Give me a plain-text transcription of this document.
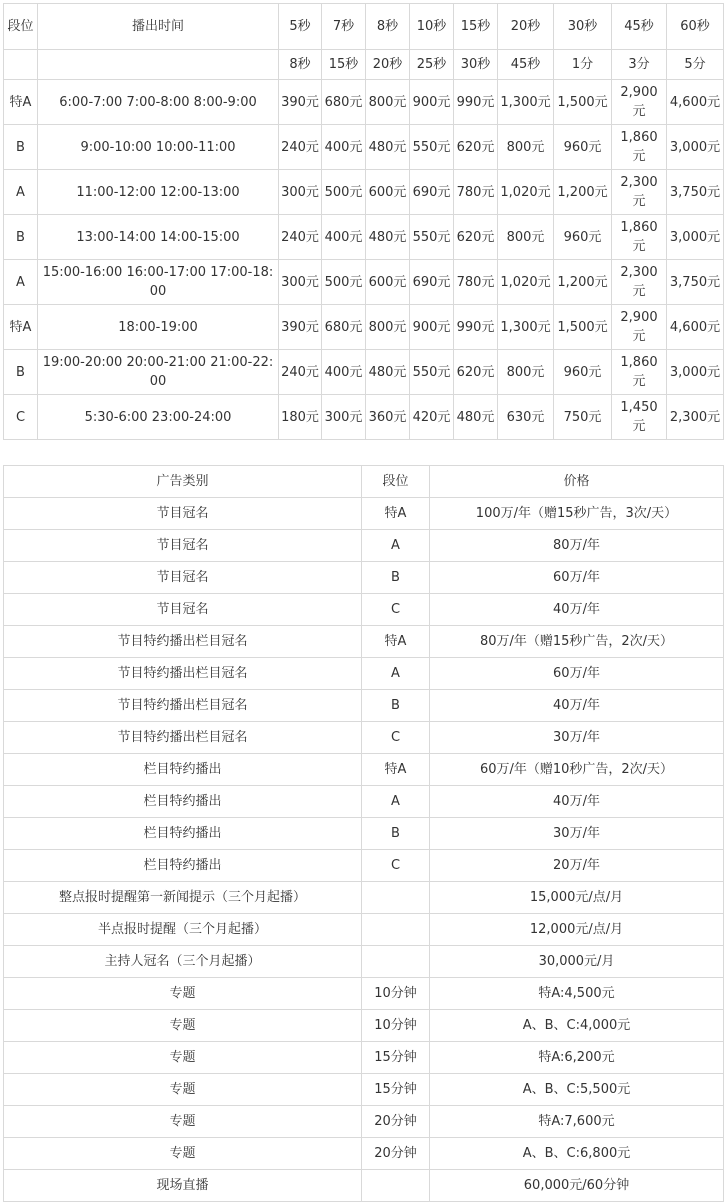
段位	播出时间	5秒	7秒	8秒	10秒	15秒	20秒	30秒	45秒	60秒
		8秒	15秒	20秒	25秒	30秒	45秒	1分	3分	5分
特A	6:00-7:00 7:00-8:00 8:00-9:00	390元	680元	800元	900元	990元	1,300元	1,500元	2,900元	4,600元
B	9:00-10:00 10:00-11:00	240元	400元	480元	550元	620元	800元	960元	1,860元	3,000元
A	11:00-12:00 12:00-13:00	300元	500元	600元	690元	780元	1,020元	1,200元	2,300元	3,750元
B	13:00-14:00 14:00-15:00	240元	400元	480元	550元	620元	800元	960元	1,860元	3,000元
A	15:00-16:00 16:00-17:00 17:00-18:00	300元	500元	600元	690元	780元	1,020元	1,200元	2,300元	3,750元
特A	18:00-19:00	390元	680元	800元	900元	990元	1,300元	1,500元	2,900元	4,600元
B	19:00-20:00 20:00-21:00 21:00-22:00	240元	400元	480元	550元	620元	800元	960元	1,860元	3,000元
C	5:30-6:00 23:00-24:00	180元	300元	360元	420元	480元	630元	750元	1,450元	2,300元
广告类别	段位	价格
节目冠名	特A	100万/年（赠15秒广告，3次/天）
节目冠名	A	80万/年
节目冠名	B	60万/年
节目冠名	C	40万/年
节目特约播出栏目冠名	特A	80万/年（赠15秒广告，2次/天）
节目特约播出栏目冠名	A	60万/年
节目特约播出栏目冠名	B	40万/年
节目特约播出栏目冠名	C	30万/年
栏目特约播出	特A	60万/年（赠10秒广告，2次/天）
栏目特约播出	A	40万/年
栏目特约播出	B	30万/年
栏目特约播出	C	20万/年
整点报时提醒第一新闻提示（三个月起播）		15,000元/点/月
半点报时提醒（三个月起播）		12,000元/点/月
主持人冠名（三个月起播）		30,000元/月
专题	10分钟	特A:4,500元
专题	10分钟	A、B、C:4,000元
专题	15分钟	特A:6,200元
专题	15分钟	A、B、C:5,500元
专题	20分钟	特A:7,600元
专题	20分钟	A、B、C:6,800元
现场直播		60,000元/60分钟
